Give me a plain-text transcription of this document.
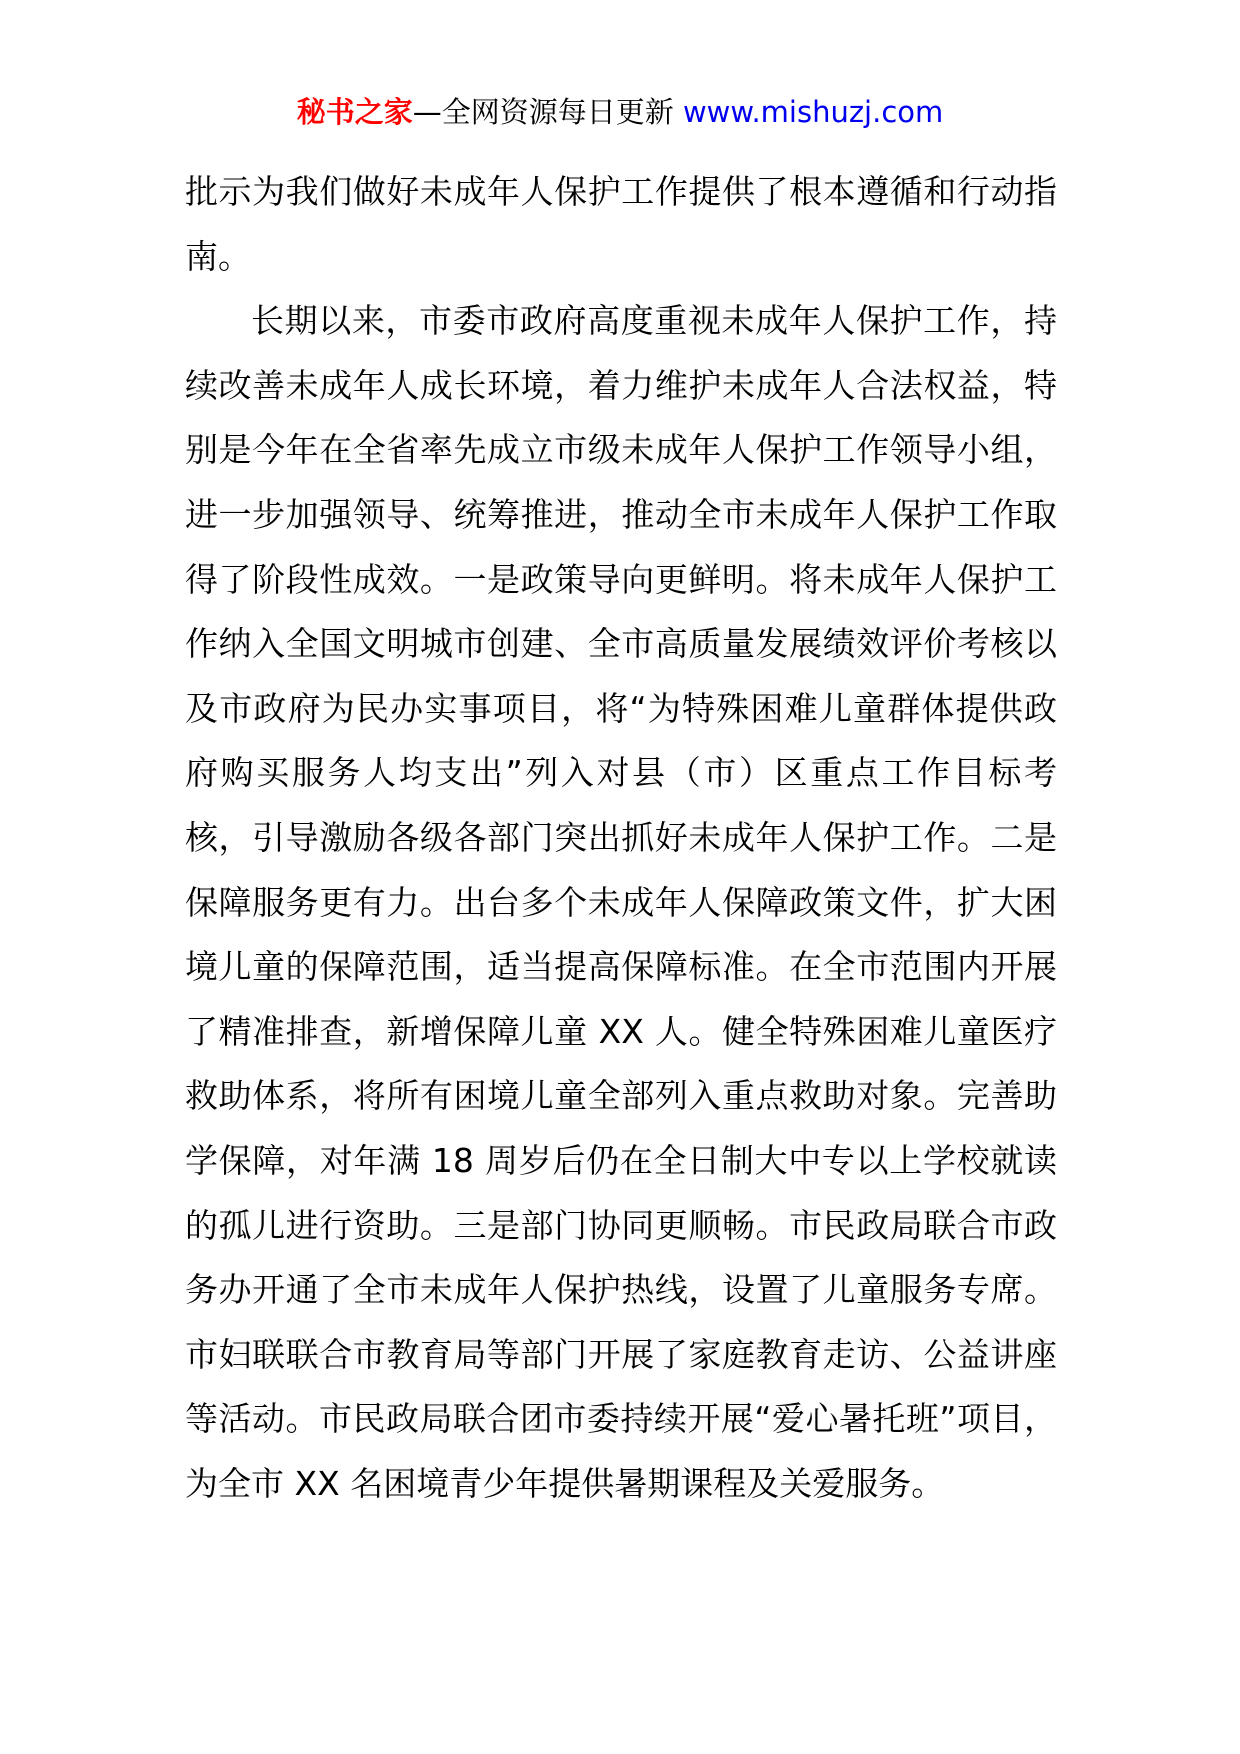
秘书之家—全网资源每日更新 www.mishuzj.com

批示为我们做好未成年人保护工作提供了根本遵循和行动指南。

长期以来，市委市政府高度重视未成年人保护工作，持续改善未成年人成长环境，着力维护未成年人合法权益，特别是今年在全省率先成立市级未成年人保护工作领导小组，进一步加强领导、统筹推进，推动全市未成年人保护工作取得了阶段性成效。一是政策导向更鲜明。将未成年人保护工作纳入全国文明城市创建、全市高质量发展绩效评价考核以及市政府为民办实事项目，将“为特殊困难儿童群体提供政府购买服务人均支出”列入对县（市）区重点工作目标考核，引导激励各级各部门突出抓好未成年人保护工作。二是保障服务更有力。出台多个未成年人保障政策文件，扩大困境儿童的保障范围，适当提高保障标准。在全市范围内开展了精准排查，新增保障儿童 XX 人。健全特殊困难儿童医疗救助体系，将所有困境儿童全部列入重点救助对象。完善助学保障，对年满 18 周岁后仍在全日制大中专以上学校就读的孤儿进行资助。三是部门协同更顺畅。市民政局联合市政务办开通了全市未成年人保护热线，设置了儿童服务专席。市妇联联合市教育局等部门开展了家庭教育走访、公益讲座等活动。市民政局联合团市委持续开展“爱心暑托班”项目，为全市 XX 名困境青少年提供暑期课程及关爱服务。
